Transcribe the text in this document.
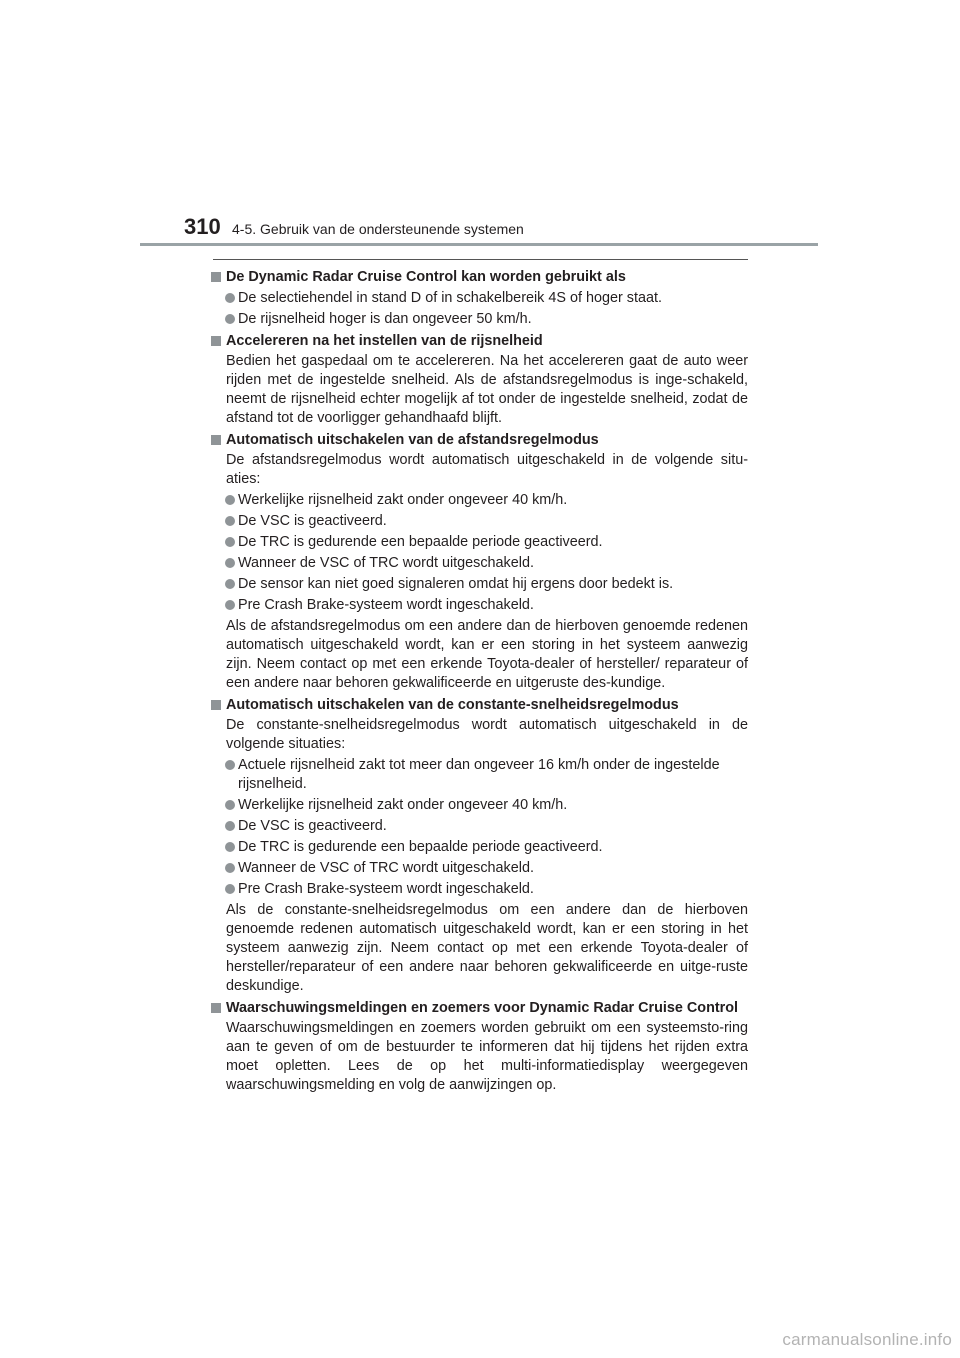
310 4-5. Gebruik van de ondersteunende systemen
De Dynamic Radar Cruise Control kan worden gebruikt als
De selectiehendel in stand D of in schakelbereik 4S of hoger staat.
De rijsnelheid hoger is dan ongeveer 50 km/h.
Accelereren na het instellen van de rijsnelheid
Bedien het gaspedaal om te accelereren. Na het accelereren gaat de auto weer rijden met de ingestelde snelheid. Als de afstandsregelmodus is inge-schakeld, neemt de rijsnelheid echter mogelijk af tot onder de ingestelde snelheid, zodat de afstand tot de voorligger gehandhaafd blijft.
Automatisch uitschakelen van de afstandsregelmodus
De afstandsregelmodus wordt automatisch uitgeschakeld in de volgende situ-aties:
Werkelijke rijsnelheid zakt onder ongeveer 40 km/h.
De VSC is geactiveerd.
De TRC is gedurende een bepaalde periode geactiveerd.
Wanneer de VSC of TRC wordt uitgeschakeld.
De sensor kan niet goed signaleren omdat hij ergens door bedekt is.
Pre Crash Brake-systeem wordt ingeschakeld.
Als de afstandsregelmodus om een andere dan de hierboven genoemde redenen automatisch uitgeschakeld wordt, kan er een storing in het systeem aanwezig zijn. Neem contact op met een erkende Toyota-dealer of hersteller/ reparateur of een andere naar behoren gekwalificeerde en uitgeruste des-kundige.
Automatisch uitschakelen van de constante-snelheidsregelmodus
De constante-snelheidsregelmodus wordt automatisch uitgeschakeld in de volgende situaties:
Actuele rijsnelheid zakt tot meer dan ongeveer 16 km/h onder de ingestelde rijsnelheid.
Werkelijke rijsnelheid zakt onder ongeveer 40 km/h.
De VSC is geactiveerd.
De TRC is gedurende een bepaalde periode geactiveerd.
Wanneer de VSC of TRC wordt uitgeschakeld.
Pre Crash Brake-systeem wordt ingeschakeld.
Als de constante-snelheidsregelmodus om een andere dan de hierboven genoemde redenen automatisch uitgeschakeld wordt, kan er een storing in het systeem aanwezig zijn. Neem contact op met een erkende Toyota-dealer of hersteller/reparateur of een andere naar behoren gekwalificeerde en uitge-ruste deskundige.
Waarschuwingsmeldingen en zoemers voor Dynamic Radar Cruise Control
Waarschuwingsmeldingen en zoemers worden gebruikt om een systeemsto-ring aan te geven of om de bestuurder te informeren dat hij tijdens het rijden extra moet opletten. Lees de op het multi-informatiedisplay weergegeven waarschuwingsmelding en volg de aanwijzingen op.
carmanualsonline.info
